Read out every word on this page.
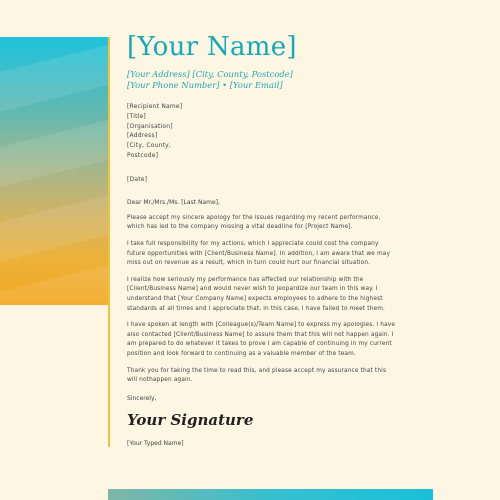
[Your Name]
[Your Address] [City, County, Postcode]
[Your Phone Number] • [Your Email]
[Recipient Name]
[Title]
[Organisation]
[Address]
[City, County,
Postcode]
[Date]
Dear Mr./Mrs./Ms. [Last Name],
Please accept my sincere apology for the issues regarding my recent performance, which has led to the company missing a vital deadline for [Project Name].
I take full responsibility for my actions, which I appreciate could cost the company future opportunities with [Client/Business Name]. In addition, I am aware that we may miss out on revenue as a result, which in turn could hurt our financial situation.
I realize how seriously my performance has affected our relationship with the [Client/Business Name] and would never wish to jeopardize our team in this way. I understand that [Your Company Name] expects employees to adhere to the highest standards at all times and I appreciate that, in this case, I have failed to meet them.
I have spoken at length with [Colleague(s)/Team Name] to express my apologies. I have also contacted [Client/Business Name] to assure them that this will not happen again. I am prepared to do whatever it takes to prove I am capable of continuing in my current position and look forward to continuing as a valuable member of the team.
Thank you for taking the time to read this, and please accept my assurance that this will nothappen again.
Sincerely,
Your Signature
[Your Typed Name]
